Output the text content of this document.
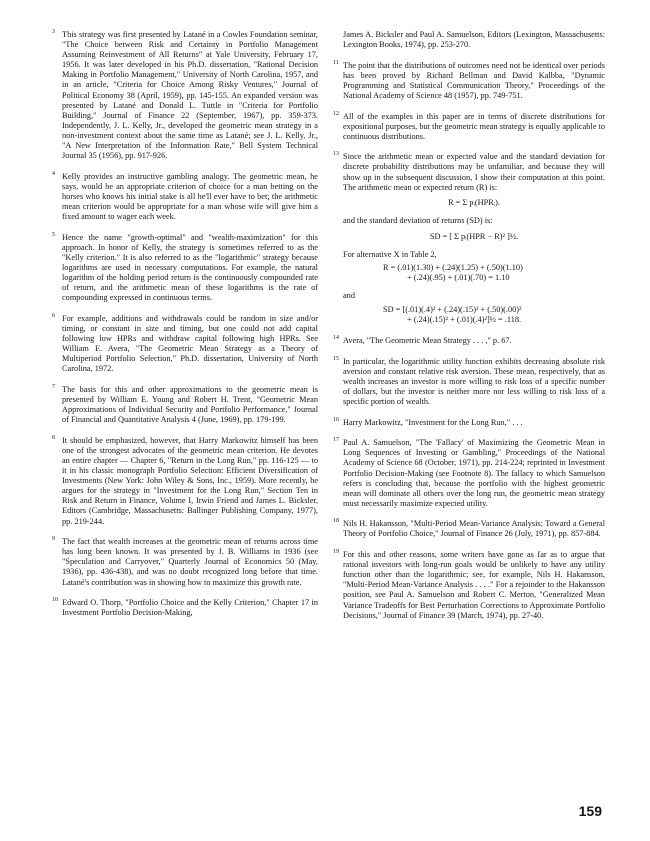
3 This strategy was first presented by Latané in a Cowles Foundation seminar, "The Choice between Risk and Certainty in Portfolio Management Assuming Reinvestment of All Returns" at Yale University, February 17, 1956. It was later developed in his Ph.D. dissertation, "Rational Decision Making in Portfolio Management," University of North Carolina, 1957, and in an article, "Criteria for Choice Among Risky Ventures," Journal of Political Economy 38 (April, 1959), pp. 145-155. An expanded version was presented by Latané and Donald L. Tuttle in "Criteria for Portfolio Building," Journal of Finance 22 (September, 1967), pp. 359-373. Independently, J. L. Kelly, Jr., developed the geometric mean strategy in a non-investment context about the same time as Latané; see J. L. Kelly, Jr., "A New Interpretation of the Information Rate," Bell System Technical Journal 35 (1956), pp. 917-926.
4 Kelly provides an instructive gambling analogy. The geometric mean, he says, would be an appropriate criterion of choice for a man betting on the horses who knows his initial stake is all he'll ever have to bet; the arithmetic mean criterion would be appropriate for a man whose wife will give him a fixed amount to wager each week.
5 Hence the name "growth-optimal" and "wealth-maximization" for this approach. In honor of Kelly, the strategy is sometimes referred to as the "Kelly criterion." It is also referred to as the "logarithmic" strategy because logarithms are used in necessary computations. For example, the natural logarithm of the holding period return is the continuously compounded rate of return, and the arithmetic mean of these logarithms is the rate of compounding expressed in continuous terms.
6 For example, additions and withdrawals could be random in size and/or timing, or constant in size and timing, but one could not add capital following low HPRs and withdraw capital following high HPRs. See William E. Avera, "The Geometric Mean Strategy as a Theory of Multiperiod Portfolio Selection," Ph.D. dissertation, University of North Carolina, 1972.
7 The basis for this and other approximations to the geometric mean is presented by William E. Young and Robert H. Trent, "Geometric Mean Approximations of Individual Security and Portfolio Performance," Journal of Financial and Quantitative Analysis 4 (June, 1969), pp. 179-199.
8 It should be emphasized, however, that Harry Markowitz himself has been one of the strongest advocates of the geometric mean criterion. He devotes an entire chapter — Chapter 6, "Return in the Long Run," pp. 116-125 — to it in his classic monograph Portfolio Selection: Efficient Diversification of Investments (New York: John Wiley & Sons, Inc., 1959). More recently, he argues for the strategy in "Investment for the Long Run," Section Ten in Risk and Return in Finance, Volume I, Irwin Friend and James L. Bicksler, Editors (Cambridge, Massachusetts: Ballinger Publishing Company, 1977), pp. 219-244.
9 The fact that wealth increases at the geometric mean of returns across time has long been known. It was presented by J. B. Williams in 1936 (see "Speculation and Carryover," Quarterly Journal of Economics 50 (May, 1936), pp. 436-438), and was no doubt recognized long before that time. Latané's contribution was in showing how to maximize this growth rate.
10 Edward O. Thorp, "Portfolio Choice and the Kelly Criterion," Chapter 17 in Investment Portfolio Decision-Making,
James A. Bicksler and Paul A. Samuelson, Editors (Lexington, Massachusetts: Lexington Books, 1974), pp. 253-270.
11 The point that the distributions of outcomes need not be identical over periods has been proved by Richard Bellman and David Kalbba, "Dynamic Programming and Statistical Communication Theory," Proceedings of the National Academy of Science 48 (1957), pp. 749-751.
12 All of the examples in this paper are in terms of discrete distributions for expositional purposes, but the geometric mean strategy is equally applicable to continuous distributions.
13 Since the arithmetic mean or expected value and the standard deviation for discrete probability distributions may be unfamiliar, and because they will show up in the subsequent discussion, I show their computation at this point. The arithmetic mean or expected return (R) is:
R = Σ pᵢ(HPRᵢ).
and the standard deviation of returns (SD) is:
SD = [ Σ pᵢ(HPR − R)² ]½.
For alternative X in Table 2,
R = (.01)(1.30) + (.24)(1.25) + (.50)(1.10)
+ (.24)(.95) + (.01)(.70) = 1.10
and
SD = [(.01)(.4)² + (.24)(.15)² + (.50)(.00)²
+ (.24)(.15)² + (.01)(.4)²]½ = .118.
14 Avera, "The Geometric Mean Strategy . . . ," p. 67.
15 In particular, the logarithmic utility function exhibits decreasing absolute risk aversion and constant relative risk aversion. These mean, respectively, that as wealth increases an investor is more willing to risk loss of a specific number of dollars, but the investor is neither more nor less willing to risk loss of a specific portion of wealth.
16 Harry Markowitz, "Investment for the Long Run," . . .
17 Paul A. Samuelson, "The 'Fallacy' of Maximizing the Geometric Mean in Long Sequences of Investing or Gambling," Proceedings of the National Academy of Science 68 (October, 1971), pp. 214-224; reprinted in Investment Portfolio Decision-Making (see Footnote 8). The fallacy to which Samuelson refers is concluding that, because the portfolio with the highest geometric mean will dominate all others over the long run, the geometric mean strategy must necessarily maximize expected utility.
18 Nils H. Hakansson, "Multi-Period Mean-Variance Analysis: Toward a General Theory of Portfolio Choice," Journal of Finance 26 (July, 1971), pp. 857-884.
19 For this and other reasons, some writers have gone as far as to argue that rational investors with long-run goals would be unlikely to have any utility function other than the logarithmic; see, for example, Nils H. Hakansson, "Multi-Period Mean-Variance Analysis . . . ." For a rejoinder to the Hakansson position, see Paul A. Samuelson and Robert C. Merton, "Generalized Mean Variance Tradeoffs for Best Perturbation Corrections to Approximate Portfolio Decisions," Journal of Finance 39 (March, 1974), pp. 27-40.
159
